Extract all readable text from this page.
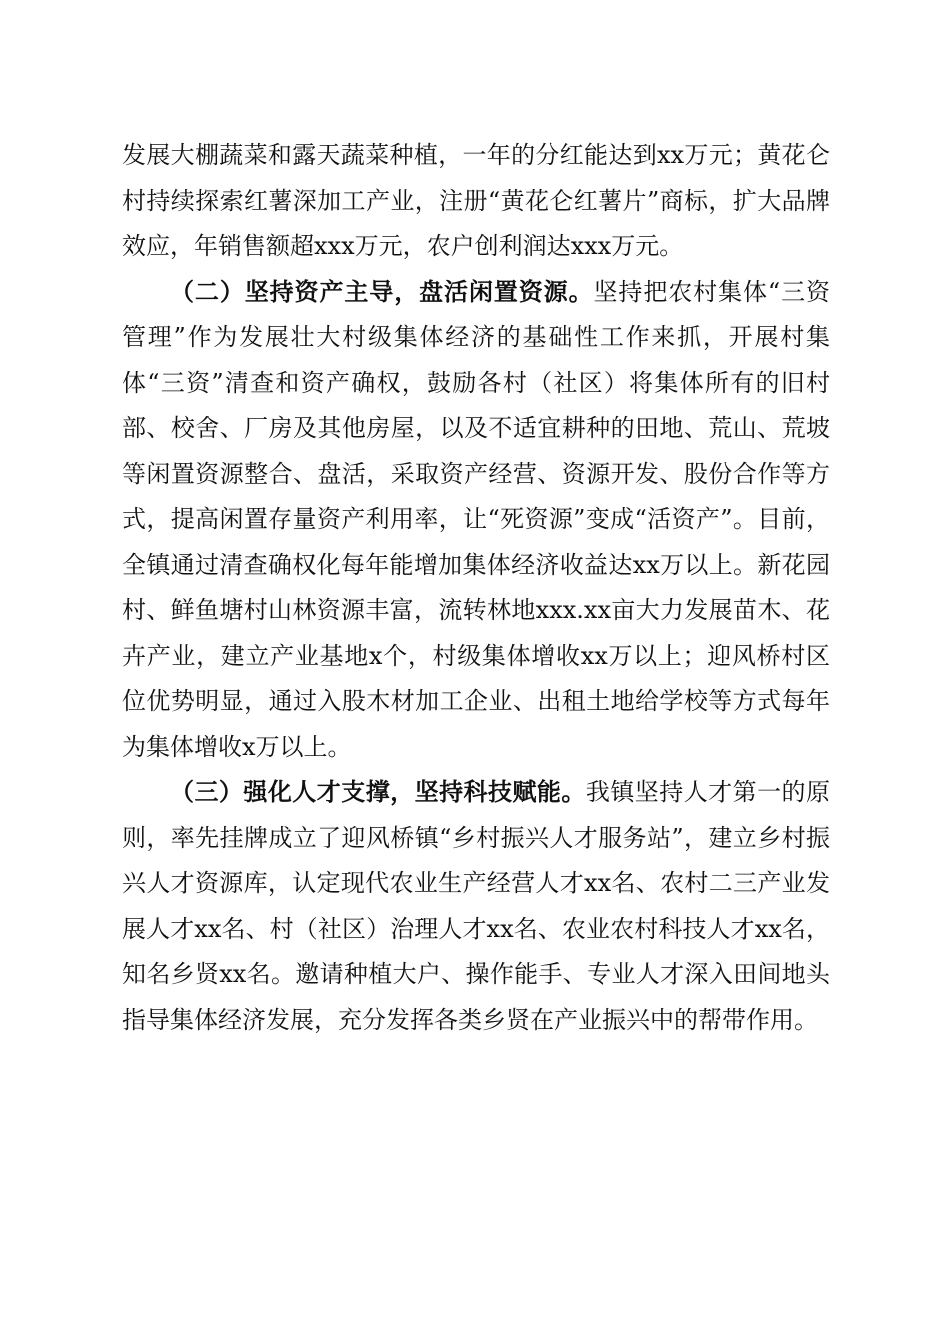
发展大棚蔬菜和露天蔬菜种植，一年的分红能达到xx万元；黄花仑村持续探索红薯深加工产业，注册“黄花仑红薯片”商标，扩大品牌效应，年销售额超xxx万元，农户创利润达xxx万元。

（二）坚持资产主导，盘活闲置资源。坚持把农村集体“三资管理”作为发展壮大村级集体经济的基础性工作来抓，开展村集体“三资”清查和资产确权，鼓励各村（社区）将集体所有的旧村部、校舍、厂房及其他房屋，以及不适宜耕种的田地、荒山、荒坡等闲置资源整合、盘活，采取资产经营、资源开发、股份合作等方式，提高闲置存量资产利用率，让“死资源”变成“活资产”。目前，全镇通过清查确权化每年能增加集体经济收益达xx万以上。新花园村、鲜鱼塘村山林资源丰富，流转林地xxx.xx亩大力发展苗木、花卉产业，建立产业基地x个，村级集体增收xx万以上；迎风桥村区位优势明显，通过入股木材加工企业、出租土地给学校等方式每年为集体增收x万以上。

（三）强化人才支撑，坚持科技赋能。我镇坚持人才第一的原则，率先挂牌成立了迎风桥镇“乡村振兴人才服务站”，建立乡村振兴人才资源库，认定现代农业生产经营人才xx名、农村二三产业发展人才xx名、村（社区）治理人才xx名、农业农村科技人才xx名，知名乡贤xx名。邀请种植大户、操作能手、专业人才深入田间地头指导集体经济发展，充分发挥各类乡贤在产业振兴中的帮带作用。
